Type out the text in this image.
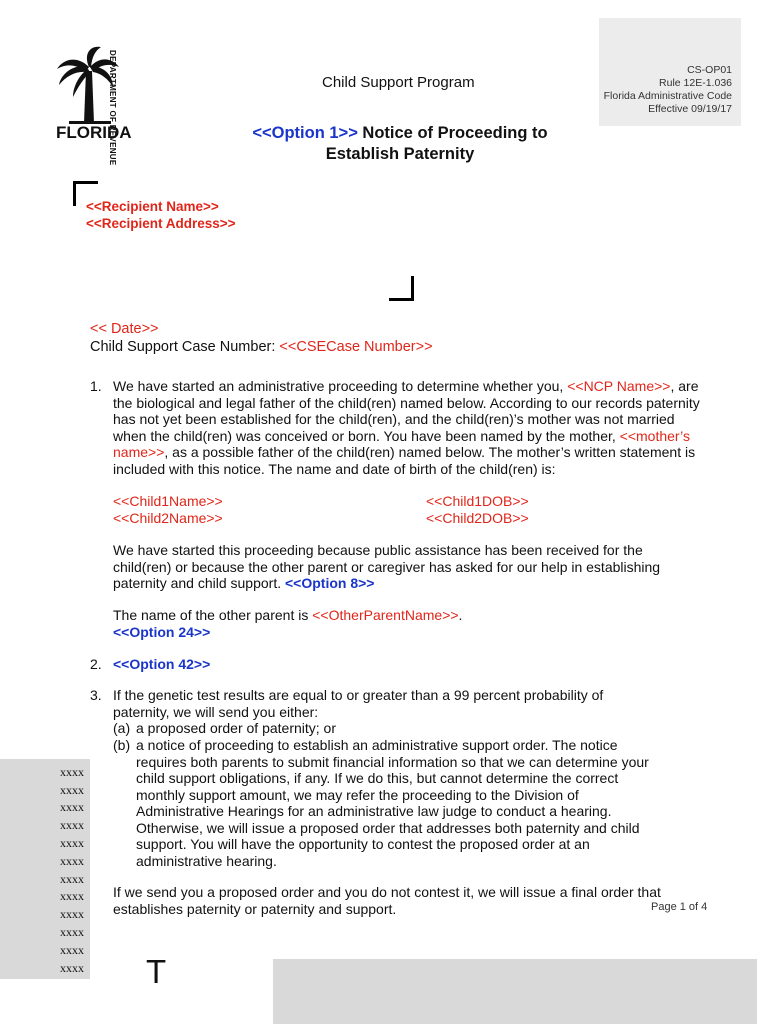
DEPARTMENT OF REVENUE
FLORIDA
CS-OP01
Rule 12E-1.036
Florida Administrative Code
Effective 09/19/17
Child Support Program
<<Option 1>> Notice of Proceeding to
Establish Paternity
<<Recipient Name>>
<<Recipient Address>>
<< Date>>
Child Support Case Number: <<CSECase Number>>
1. We have started an administrative proceeding to determine whether you, <<NCP Name>>, are the biological and legal father of the child(ren) named below. According to our records paternity has not yet been established for the child(ren), and the child(ren)’s mother was not married when the child(ren) was conceived or born. You have been named by the mother, <<mother’s name>>, as a possible father of the child(ren) named below. The mother’s written statement is included with this notice. The name and date of birth of the child(ren) is:
<<Child1Name>>	<<Child1DOB>>
<<Child2Name>>	<<Child2DOB>>
We have started this proceeding because public assistance has been received for the child(ren) or because the other parent or caregiver has asked for our help in establishing paternity and child support. <<Option 8>>
The name of the other parent is <<OtherParentName>>.
<<Option 24>>
2. <<Option 42>>
3. If the genetic test results are equal to or greater than a 99 percent probability of paternity, we will send you either:
(a) a proposed order of paternity; or
(b) a notice of proceeding to establish an administrative support order. The notice requires both parents to submit financial information so that we can determine your child support obligations, if any. If we do this, but cannot determine the correct monthly support amount, we may refer the proceeding to the Division of Administrative Hearings for an administrative law judge to conduct a hearing. Otherwise, we will issue a proposed order that addresses both paternity and child support. You will have the opportunity to contest the proposed order at an administrative hearing.
If we send you a proposed order and you do not contest it, we will issue a final order that establishes paternity or paternity and support.
xxxx
xxxx
xxxx
xxxx
xxxx
xxxx
xxxx
xxxx
xxxx
xxxx
xxxx
xxxx T
Page 1 of 4
